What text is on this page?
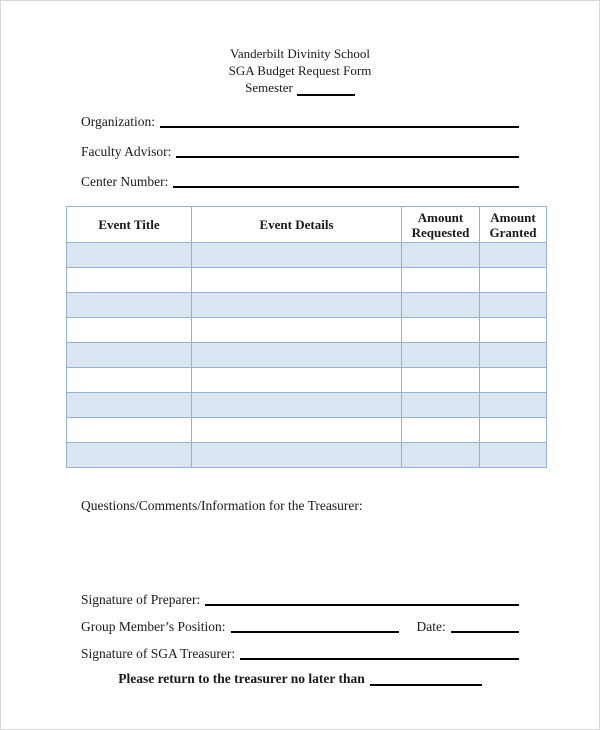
Vanderbilt Divinity School
SGA Budget Request Form
Semester
Organization:
Faculty Advisor:
Center Number:
Event Title	Event Details	Amount Requested	Amount Granted

Questions/Comments/Information for the Treasurer:
Signature of Preparer:
Group Member’s Position:	Date:
Signature of SGA Treasurer:
Please return to the treasurer no later than
